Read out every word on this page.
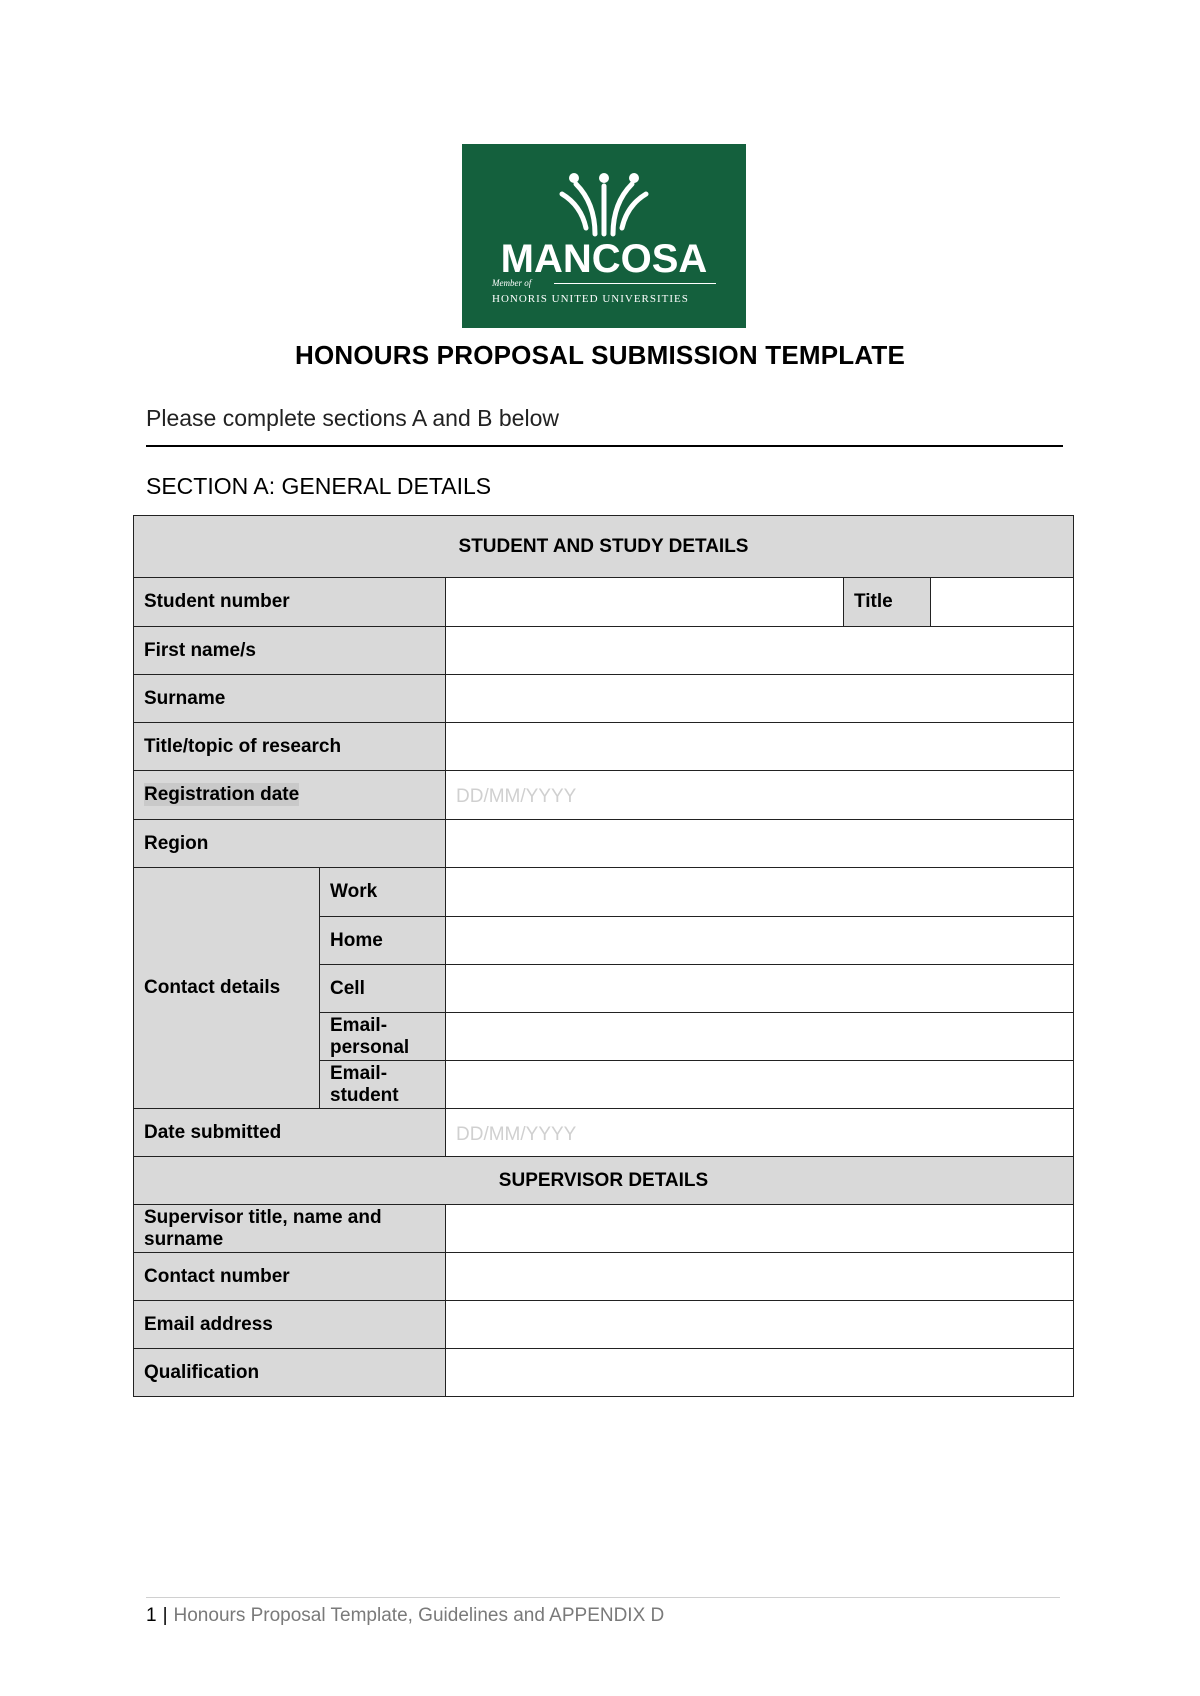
MANCOSA
Member of
HONORIS UNITED UNIVERSITIES
HONOURS PROPOSAL SUBMISSION TEMPLATE
Please complete sections A and B below
SECTION A: GENERAL DETAILS
STUDENT AND STUDY DETAILS				
Student number			Title	
First name/s				
Surname				
Title/topic of research				
Registration date		DD/MM/YYYY		
Region				
Contact details	Work			
	Home			
	Cell			
	Email-personal			
	Email-student			
Date submitted		DD/MM/YYYY		
SUPERVISOR DETAILS				
Supervisor title, name and surname				
Contact number				
Email address				
Qualification				
1 | Honours Proposal Template, Guidelines and APPENDIX D
